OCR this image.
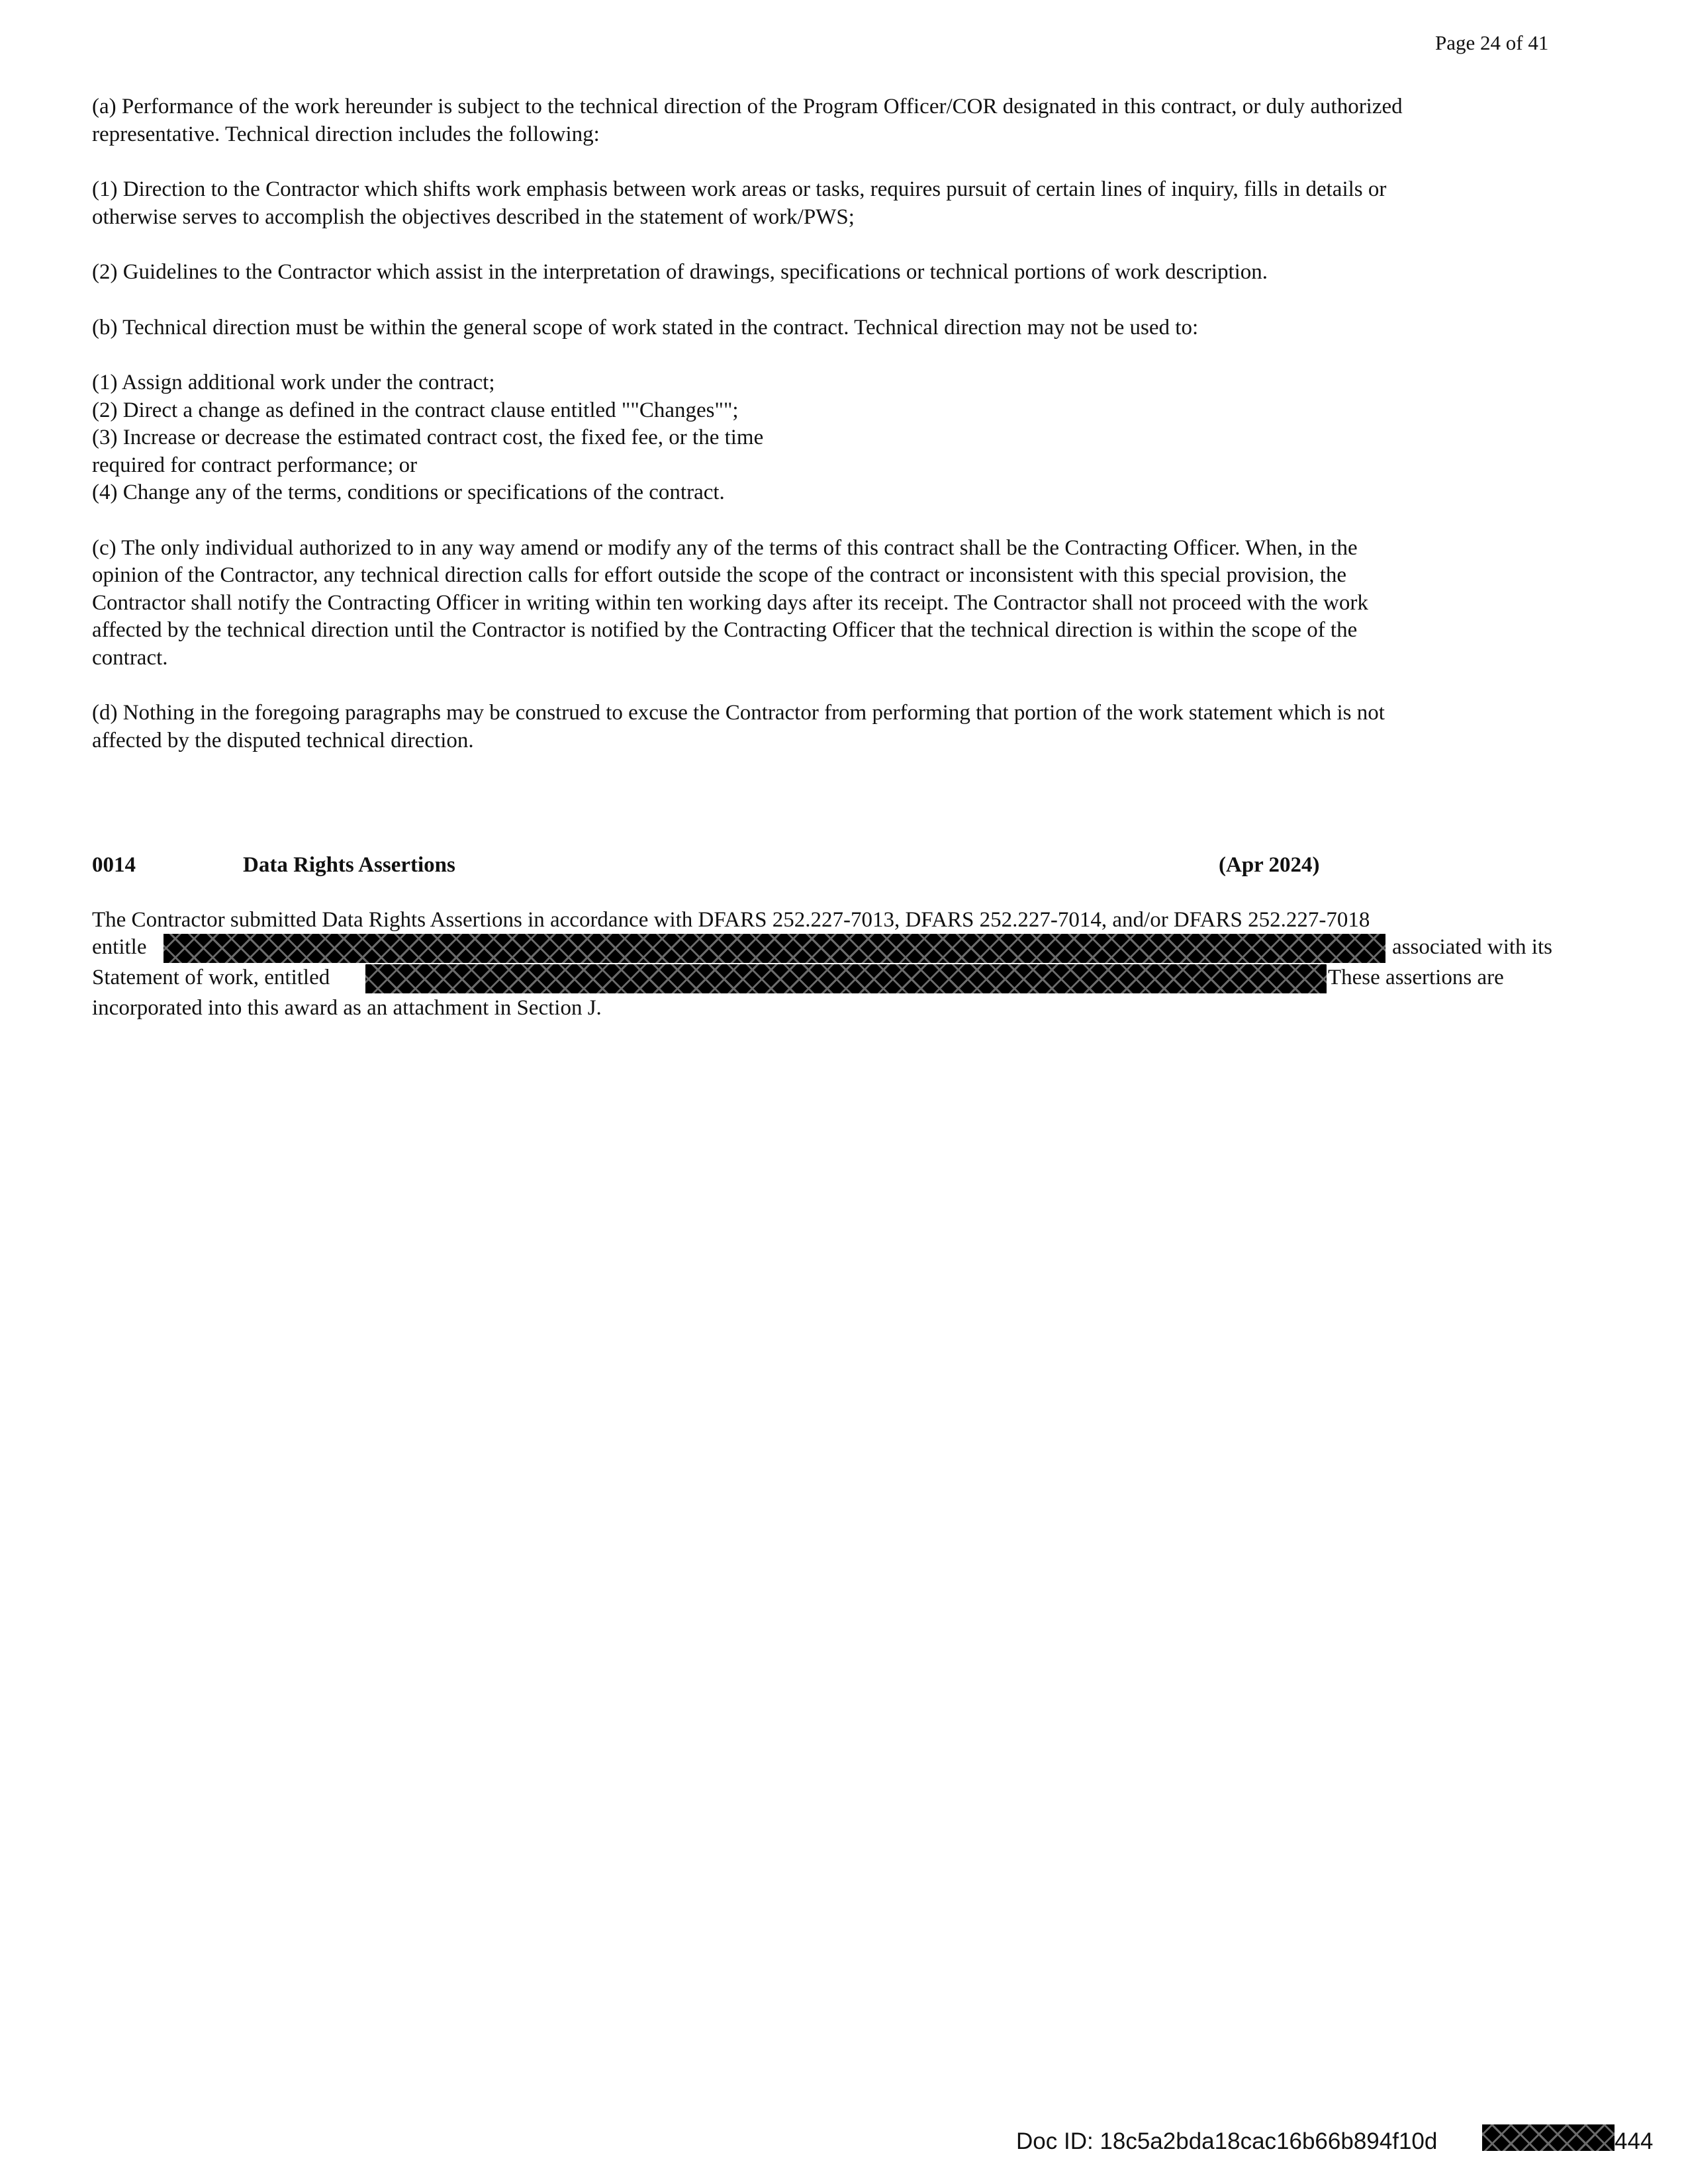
Page 24 of 41
(a) Performance of the work hereunder is subject to the technical direction of the Program Officer/COR designated in this contract, or duly authorized
representative. Technical direction includes the following:
(1) Direction to the Contractor which shifts work emphasis between work areas or tasks, requires pursuit of certain lines of inquiry, fills in details or
otherwise serves to accomplish the objectives described in the statement of work/PWS;
(2) Guidelines to the Contractor which assist in the interpretation of drawings, specifications or technical portions of work description.
(b) Technical direction must be within the general scope of work stated in the contract. Technical direction may not be used to:
(1) Assign additional work under the contract;
(2) Direct a change as defined in the contract clause entitled ""Changes"";
(3) Increase or decrease the estimated contract cost, the fixed fee, or the time
required for contract performance; or
(4) Change any of the terms, conditions or specifications of the contract.
(c) The only individual authorized to in any way amend or modify any of the terms of this contract shall be the Contracting Officer. When, in the
opinion of the Contractor, any technical direction calls for effort outside the scope of the contract or inconsistent with this special provision, the
Contractor shall notify the Contracting Officer in writing within ten working days after its receipt. The Contractor shall not proceed with the work
affected by the technical direction until the Contractor is notified by the Contracting Officer that the technical direction is within the scope of the
contract.
(d) Nothing in the foregoing paragraphs may be construed to excuse the Contractor from performing that portion of the work statement which is not
affected by the disputed technical direction.
0014	Data Rights Assertions	(Apr 2024)
The Contractor submitted Data Rights Assertions in accordance with DFARS 252.227-7013, DFARS 252.227-7014, and/or DFARS 252.227-7018
entitle	associated with its
Statement of work, entitled	These assertions are
incorporated into this award as an attachment in Section J.
Doc ID: 18c5a2bda18cac16b66b894f10d	444
